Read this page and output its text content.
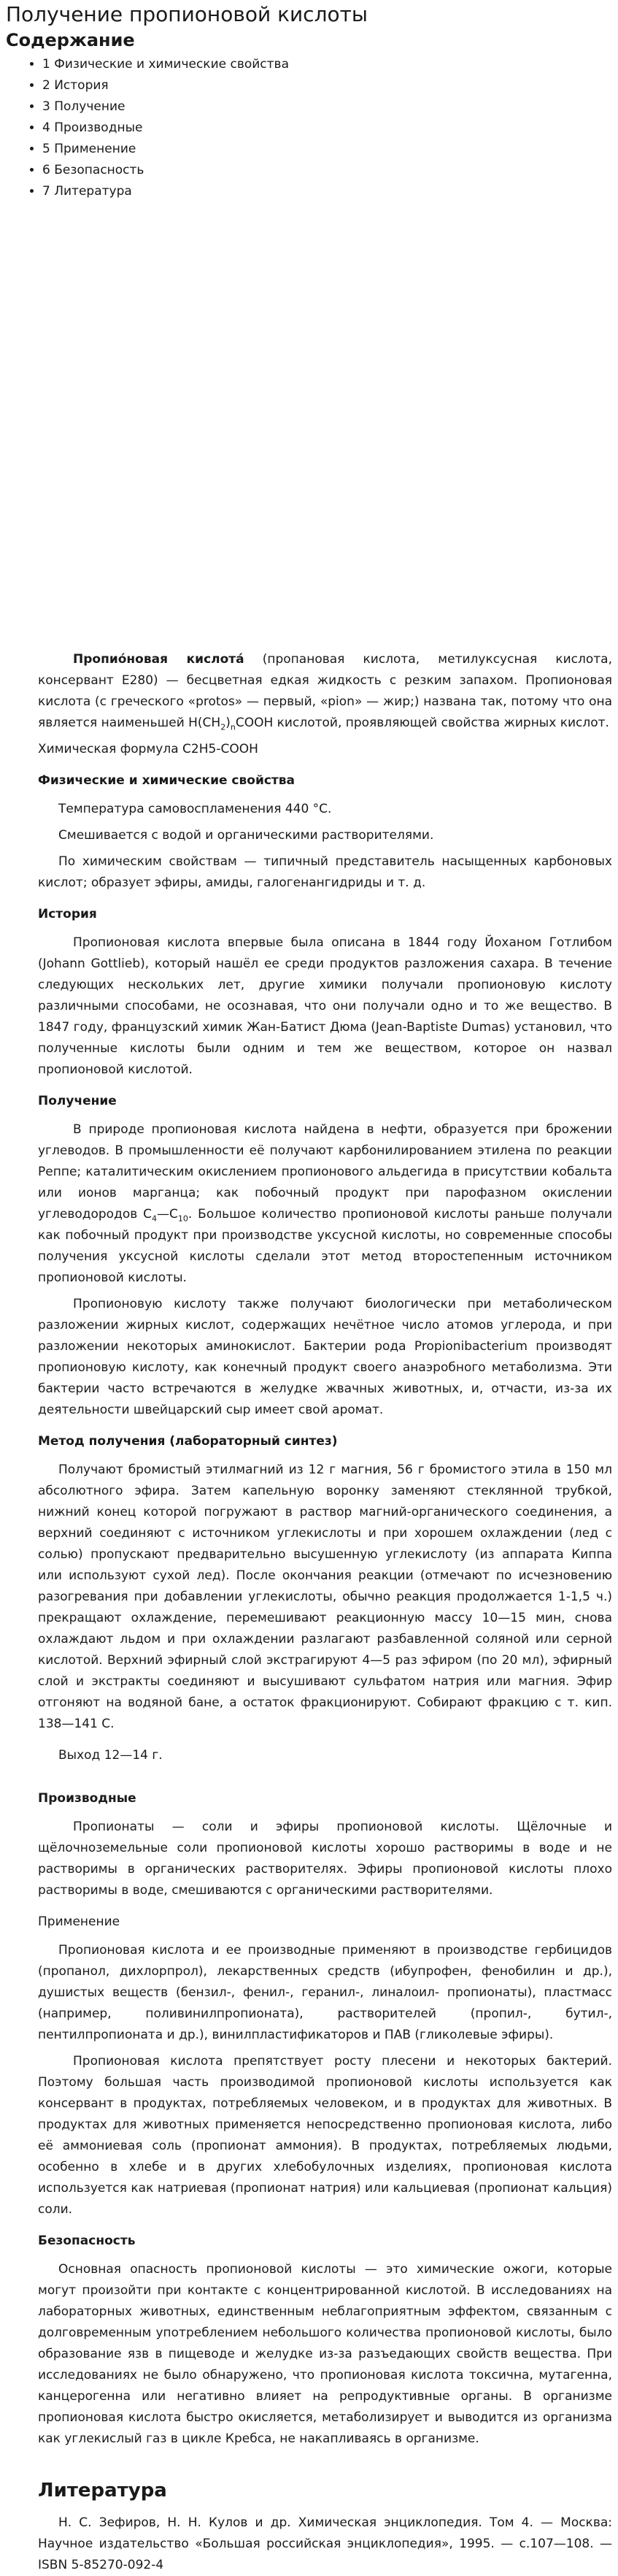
Получение пропионовой кислоты
Содержание
• 1 Физические и химические свойства
• 2 История
• 3 Получение
• 4 Производные
• 5 Применение
• 6 Безопасность
• 7 Литература

Пропио́новая кислота́ (пропановая кислота, метилуксусная кислота, консервант E280) — бесцветная едкая жидкость с резким запахом. Пропионовая кислота (с греческого «protos» — первый, «pion» — жир;) названа так, потому что она является наименьшей $H(CH_2)_nCOOH$ кислотой, проявляющей свойства жирных кислот.

Химическая формула C2H5-COOH

Физические и химические свойства

Температура самовоспламенения 440 °C.

Смешивается с водой и органическими растворителями.

По химическим свойствам — типичный представитель насыщенных карбоновых кислот; образует эфиры, амиды, галогенангидриды и т. д.

История

Пропионовая кислота впервые была описана в 1844 году Йоханом Готлибом (Johann Gottlieb), который нашёл ее среди продуктов разложения сахара. В течение следующих нескольких лет, другие химики получали пропионовую кислоту различными способами, не осознавая, что они получали одно и то же вещество. В 1847 году, французский химик Жан-Батист Дюма (Jean-Baptiste Dumas) установил, что полученные кислоты были одним и тем же веществом, которое он назвал пропионовой кислотой.

Получение

В природе пропионовая кислота найдена в нефти, образуется при брожении углеводов. В промышленности её получают карбонилированием этилена по реакции Реппе; каталитическим окислением пропионового альдегида в присутствии кобальта или ионов марганца; как побочный продукт при парофазном окислении углеводородов $C_4—C_{10}$. Большое количество пропионовой кислоты раньше получали как побочный продукт при производстве уксусной кислоты, но современные способы получения уксусной кислоты сделали этот метод второстепенным источником пропионовой кислоты.

Пропионовую кислоту также получают биологически при метаболическом разложении жирных кислот, содержащих нечётное число атомов углерода, и при разложении некоторых аминокислот. Бактерии рода Propionibacterium производят пропионовую кислоту, как конечный продукт своего анаэробного метаболизма. Эти бактерии часто встречаются в желудке жвачных животных, и, отчасти, из-за их деятельности швейцарский сыр имеет свой аромат.

Метод получения (лабораторный синтез)

Получают бромистый этилмагний из 12 г магния, 56 г бромистого этила в 150 мл абсолютного эфира. Затем капельную воронку заменяют стеклянной трубкой, нижний конец которой погружают в раствор магний-органического соединения, а верхний соединяют с источником углекислоты и при хорошем охлаждении (лед с солью) пропускают предварительно высушенную углекислоту (из аппарата Киппа или используют сухой лед). После окончания реакции (отмечают по исчезновению разогревания при добавлении углекислоты, обычно реакция продолжается 1-1,5 ч.) прекращают охлаждение, перемешивают реакционную массу 10—15 мин, снова охлаждают льдом и при охлаждении разлагают разбавленной соляной или серной кислотой. Верхний эфирный слой экстрагируют 4—5 раз эфиром (по 20 мл), эфирный слой и экстракты соединяют и высушивают сульфатом натрия или магния. Эфир отгоняют на водяной бане, а остаток фракционируют. Собирают фракцию с т. кип. 138—141 С.

Выход 12—14 г.

Производные

Пропионаты — соли и эфиры пропионовой кислоты. Щёлочные и щёлочноземельные соли пропионовой кислоты хорошо растворимы в воде и не растворимы в органических растворителях. Эфиры пропионовой кислоты плохо растворимы в воде, смешиваются с органическими растворителями.

Применение

Пропионовая кислота и ее производные применяют в производстве гербицидов (пропанол, дихлорпрол), лекарственных средств (ибупрофен, фенобилин и др.), душистых веществ (бензил-, фенил-, геранил-, линалоил- пропионаты), пластмасс (например, поливинилпропионата), растворителей (пропил-, бутил-, пентилпропионата и др.), винилпластификаторов и ПАВ (гликолевые эфиры).

Пропионовая кислота препятствует росту плесени и некоторых бактерий. Поэтому большая часть производимой пропионовой кислоты используется как консервант в продуктах, потребляемых человеком, и в продуктах для животных. В продуктах для животных применяется непосредственно пропионовая кислота, либо её аммониевая соль (пропионат аммония). В продуктах, потребляемых людьми, особенно в хлебе и в других хлебобулочных изделиях, пропионовая кислота используется как натриевая (пропионат натрия) или кальциевая (пропионат кальция) соли.

Безопасность

Основная опасность пропионовой кислоты — это химические ожоги, которые могут произойти при контакте с концентрированной кислотой. В исследованиях на лабораторных животных, единственным неблагоприятным эффектом, связанным с долговременным употреблением небольшого количества пропионовой кислоты, было образование язв в пищеводе и желудке из-за разъедающих свойств вещества. При исследованиях не было обнаружено, что пропионовая кислота токсична, мутагенна, канцерогенна или негативно влияет на репродуктивные органы. В организме пропионовая кислота быстро окисляется, метаболизирует и выводится из организма как углекислый газ в цикле Кребса, не накапливаясь в организме.

Литература

Н. С. Зефиров, Н. Н. Кулов и др. Химическая энциклопедия. Том 4. — Москва: Научное издательство «Большая российская энциклопедия», 1995. — с.107—108. — ISBN 5-85270-092-4
